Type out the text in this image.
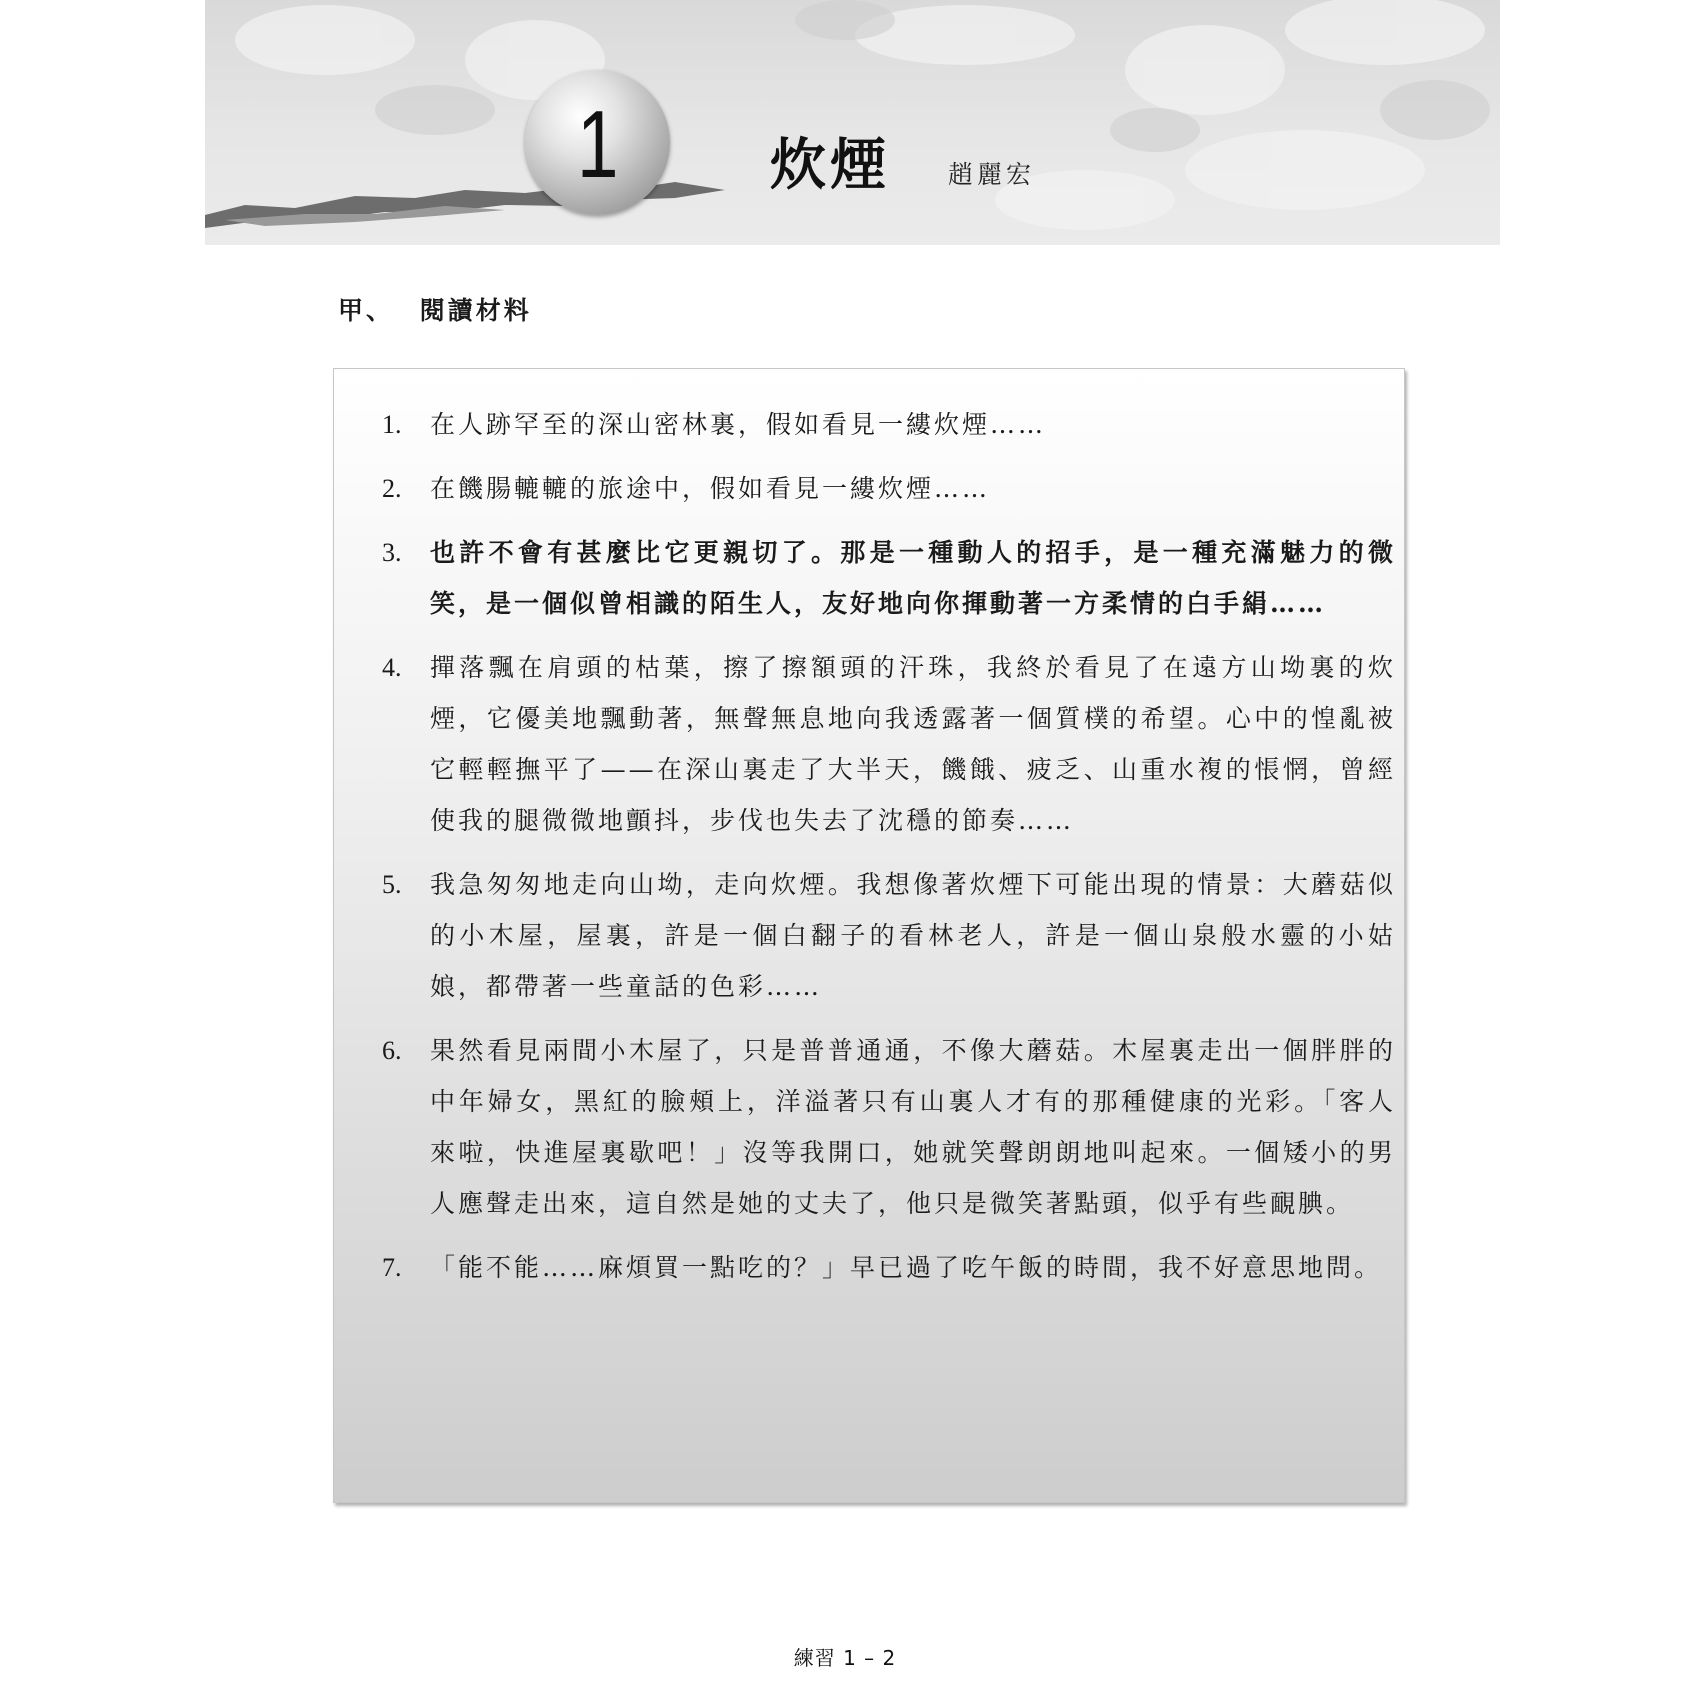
1	炊煙 趙麗宏
甲、 閱讀材料
1.	在人跡罕至的深山密林裏，假如看見一縷炊煙……
2.	在饑腸轆轆的旅途中，假如看見一縷炊煙……
3.	也許不會有甚麼比它更親切了。那是一種動人的招手，是一種充滿魅力的微笑，是一個似曾相識的陌生人，友好地向你揮動著一方柔情的白手絹……
4.	撣落飄在肩頭的枯葉，擦了擦額頭的汗珠，我終於看見了在遠方山坳裏的炊煙，它優美地飄動著，無聲無息地向我透露著一個質樸的希望。心中的惶亂被它輕輕撫平了——在深山裏走了大半天，饑餓、疲乏、山重水複的悵惘，曾經使我的腿微微地顫抖，步伐也失去了沈穩的節奏……
5.	我急匆匆地走向山坳，走向炊煙。我想像著炊煙下可能出現的情景：大蘑菇似的小木屋，屋裏，許是一個白翻子的看林老人，許是一個山泉般水靈的小姑娘，都帶著一些童話的色彩……
6.	果然看見兩間小木屋了，只是普普通通，不像大蘑菇。木屋裏走出一個胖胖的中年婦女，黑紅的臉頰上，洋溢著只有山裏人才有的那種健康的光彩。「客人來啦，快進屋裏歇吧！」沒等我開口，她就笑聲朗朗地叫起來。一個矮小的男人應聲走出來，這自然是她的丈夫了，他只是微笑著點頭，似乎有些靦腆。
7.	「能不能……麻煩買一點吃的？」早已過了吃午飯的時間，我不好意思地問。
練習 1 – 2
